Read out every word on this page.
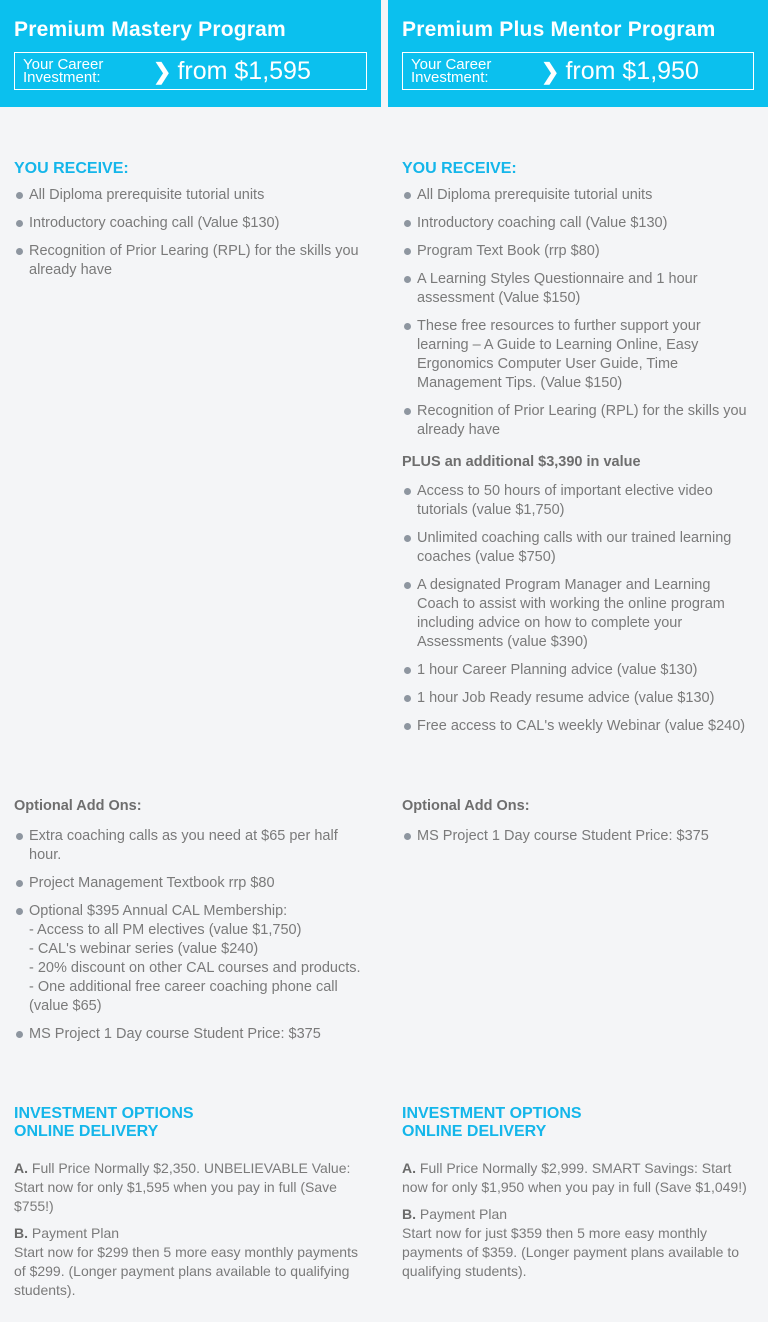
Premium Mastery Program
Your Career Investment:	❯ from $1,595
YOU RECEIVE:
All Diploma prerequisite tutorial units
Introductory coaching call (Value $130)
Recognition of Prior Learing (RPL) for the skills you already have
Optional Add Ons:
Extra coaching calls as you need at $65 per half hour.
Project Management Textbook rrp $80
Optional $395 Annual CAL Membership:
- Access to all PM electives (value $1,750)
- CAL's webinar series (value $240)
- 20% discount on other CAL courses and products.
- One additional free career coaching phone call (value $65)
MS Project 1 Day course Student Price: $375
INVESTMENT OPTIONS
ONLINE DELIVERY

A. Full Price Normally $2,350. UNBELIEVABLE Value: Start now for only $1,595 when you pay in full (Save $755!)

B. Payment Plan

Start now for $299 then 5 more easy monthly payments of $299. (Longer payment plans available to qualifying students).

Premium Plus Mentor Program
Your Career Investment:	❯ from $1,950
YOU RECEIVE:
All Diploma prerequisite tutorial units
Introductory coaching call (Value $130)
Program Text Book (rrp $80)
A Learning Styles Questionnaire and 1 hour assessment (Value $150)
These free resources to further support your learning – A Guide to Learning Online, Easy Ergonomics Computer User Guide, Time Management Tips. (Value $150)
Recognition of Prior Learing (RPL) for the skills you already have
PLUS an additional $3,390 in value
Access to 50 hours of important elective video tutorials (value $1,750)
Unlimited coaching calls with our trained learning coaches (value $750)
A designated Program Manager and Learning Coach to assist with working the online program including advice on how to complete your Assessments (value $390)
1 hour Career Planning advice (value $130)
1 hour Job Ready resume advice (value $130)
Free access to CAL's weekly Webinar (value $240)
Optional Add Ons:
MS Project 1 Day course Student Price: $375
INVESTMENT OPTIONS
ONLINE DELIVERY

A. Full Price Normally $2,999. SMART Savings: Start now for only $1,950 when you pay in full (Save $1,049!)

B. Payment Plan

Start now for just $359 then 5 more easy monthly payments of $359. (Longer payment plans available to qualifying students).
